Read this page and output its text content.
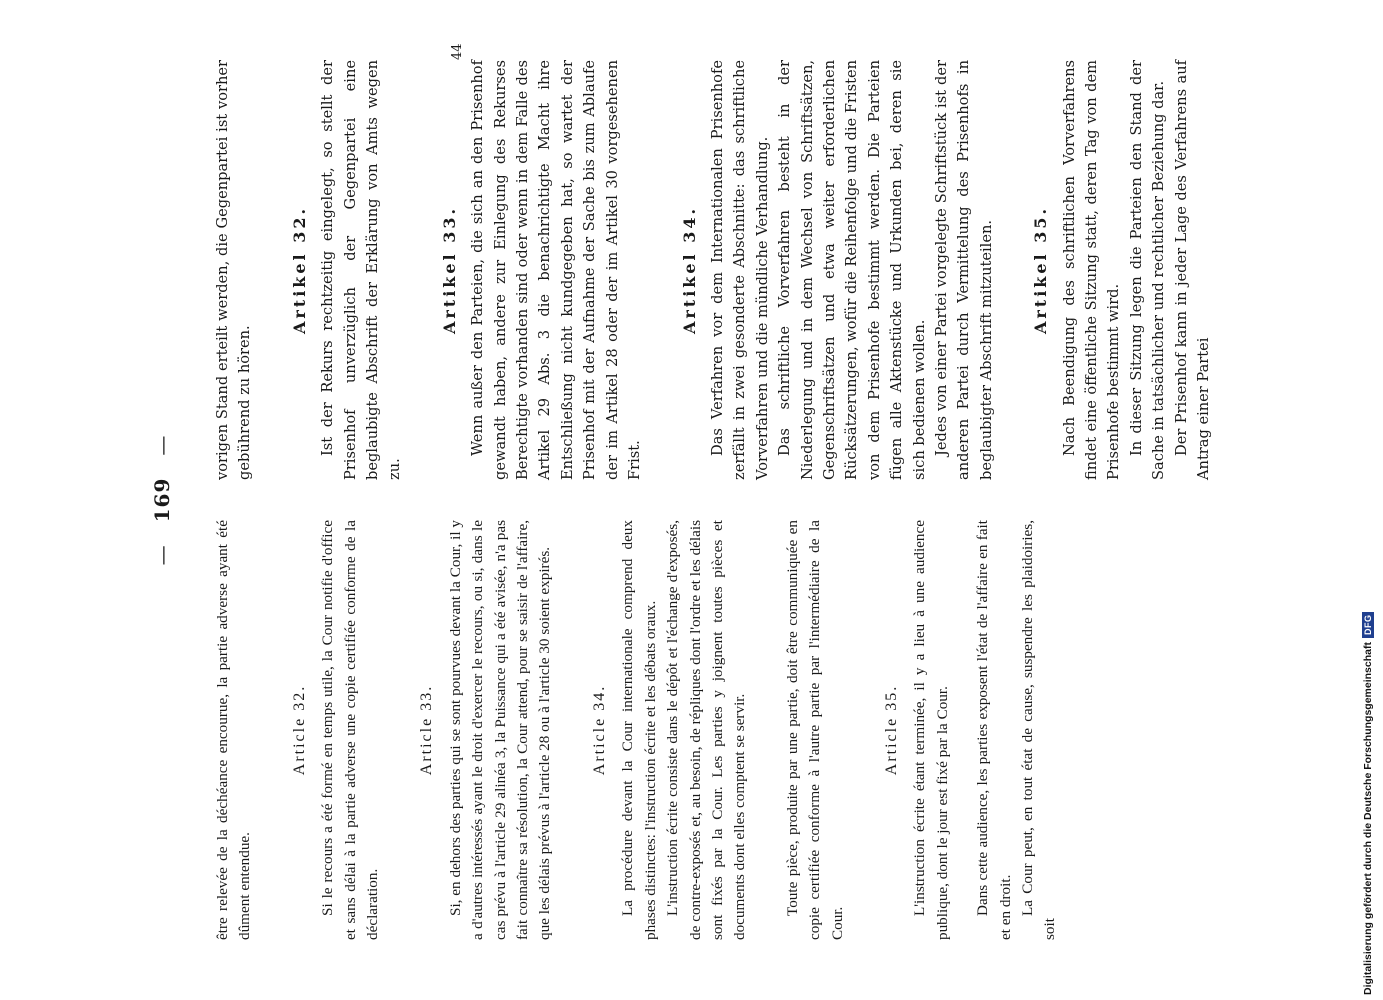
— 169 —

être relevée de la déchéance encourue, la partie adverse ayant été dûment entendue.

Article 32. Si le recours a été formé en temps utile, la Cour notifie d'office et sans délai à la partie adverse une copie certifiée conforme de la déclaration.

Article 33. Si, en dehors des parties qui se sont pourvues devant la Cour, il y a d'autres intéressés ayant le droit d'exercer le recours, ou si, dans le cas prévu à l'article 29 alinéa 3, la Puissance qui a été avisée, n'a pas fait connaître sa résolution, la Cour attend, pour se saisir de l'affaire, que les délais prévus à l'article 28 ou à l'article 30 soient expirés. Article 34. La procédure devant la Cour internationale comprend deux phases distinctes: l'instruction écrite et les débats oraux. L'instruction écrite consiste dans le dépôt et l'échange d'exposés, de contre-exposés et, au besoin, de répliques dont l'ordre et les délais sont fixés par la Cour. Les parties y joignent toutes pièces et documents dont elles comptent se servir. Toute pièce, produite par une partie, doit être communiquée en copie certifiée conforme à l'autre partie par l'intermédiaire de la Cour.

Article 35. L'instruction écrite étant terminée, il y a lieu à une audience publique, dont le jour est fixé par la Cour. Dans cette audience, les parties exposent l'état de l'affaire en fait et en droit. La Cour peut, en tout état de cause, suspendre les plaidoiries, soit

vorigen Stand erteilt werden, die Gegenpartei ist vorher gebührend zu hören.

Artikel 32. Ist der Rekurs rechtzeitig eingelegt, so stellt der Prisenhof unverzüglich der Gegenpartei eine beglaubigte Abschrift der Erklärung von Amts wegen zu.

Artikel 33. Wenn außer den Parteien, die sich an den Prisenhof gewandt haben, andere zur Einlegung des Rekurses Berechtigte vorhanden sind oder wenn in dem Falle des Artikel 29 Abs. 3 die benachrichtigte Macht ihre Entschließung nicht kundgegeben hat, so wartet der Prisenhof mit der Aufnahme der Sache bis zum Ablaufe der im Artikel 28 oder der im Artikel 30 vorgesehenen Frist.

Artikel 34. Das Verfahren vor dem Internationalen Prisenhofe zerfällt in zwei gesonderte Abschnitte: das schriftliche Vorverfahren und die mündliche Verhandlung. Das schriftliche Vorverfahren besteht in der Niederlegung und in dem Wechsel von Schriftsätzen, Gegenschriftsätzen und etwa weiter erforderlichen Rücksätzerungen, wofür die Reihenfolge und die Fristen von dem Prisenhofe bestimmt werden. Die Parteien fügen alle Aktenstücke und Urkunden bei, deren sie sich bedienen wollen. Jedes von einer Partei vorgelegte Schriftstück ist der anderen Partei durch Vermittelung des Prisenhofs in beglaubigter Abschrift mitzuteilen. Artikel 35. Nach Beendigung des schriftlichen Vorverfahrens findet eine öffentliche Sitzung statt, deren Tag von dem Prisenhofe bestimmt wird. In dieser Sitzung legen die Parteien den Stand der Sache in tatsächlicher und rechtlicher Beziehung dar. Der Prisenhof kann in jeder Lage des Verfahrens auf Antrag einer Partei

44
Digitalisierung gefördert durch die Deutsche Forschungsgemeinschaft
DFG
